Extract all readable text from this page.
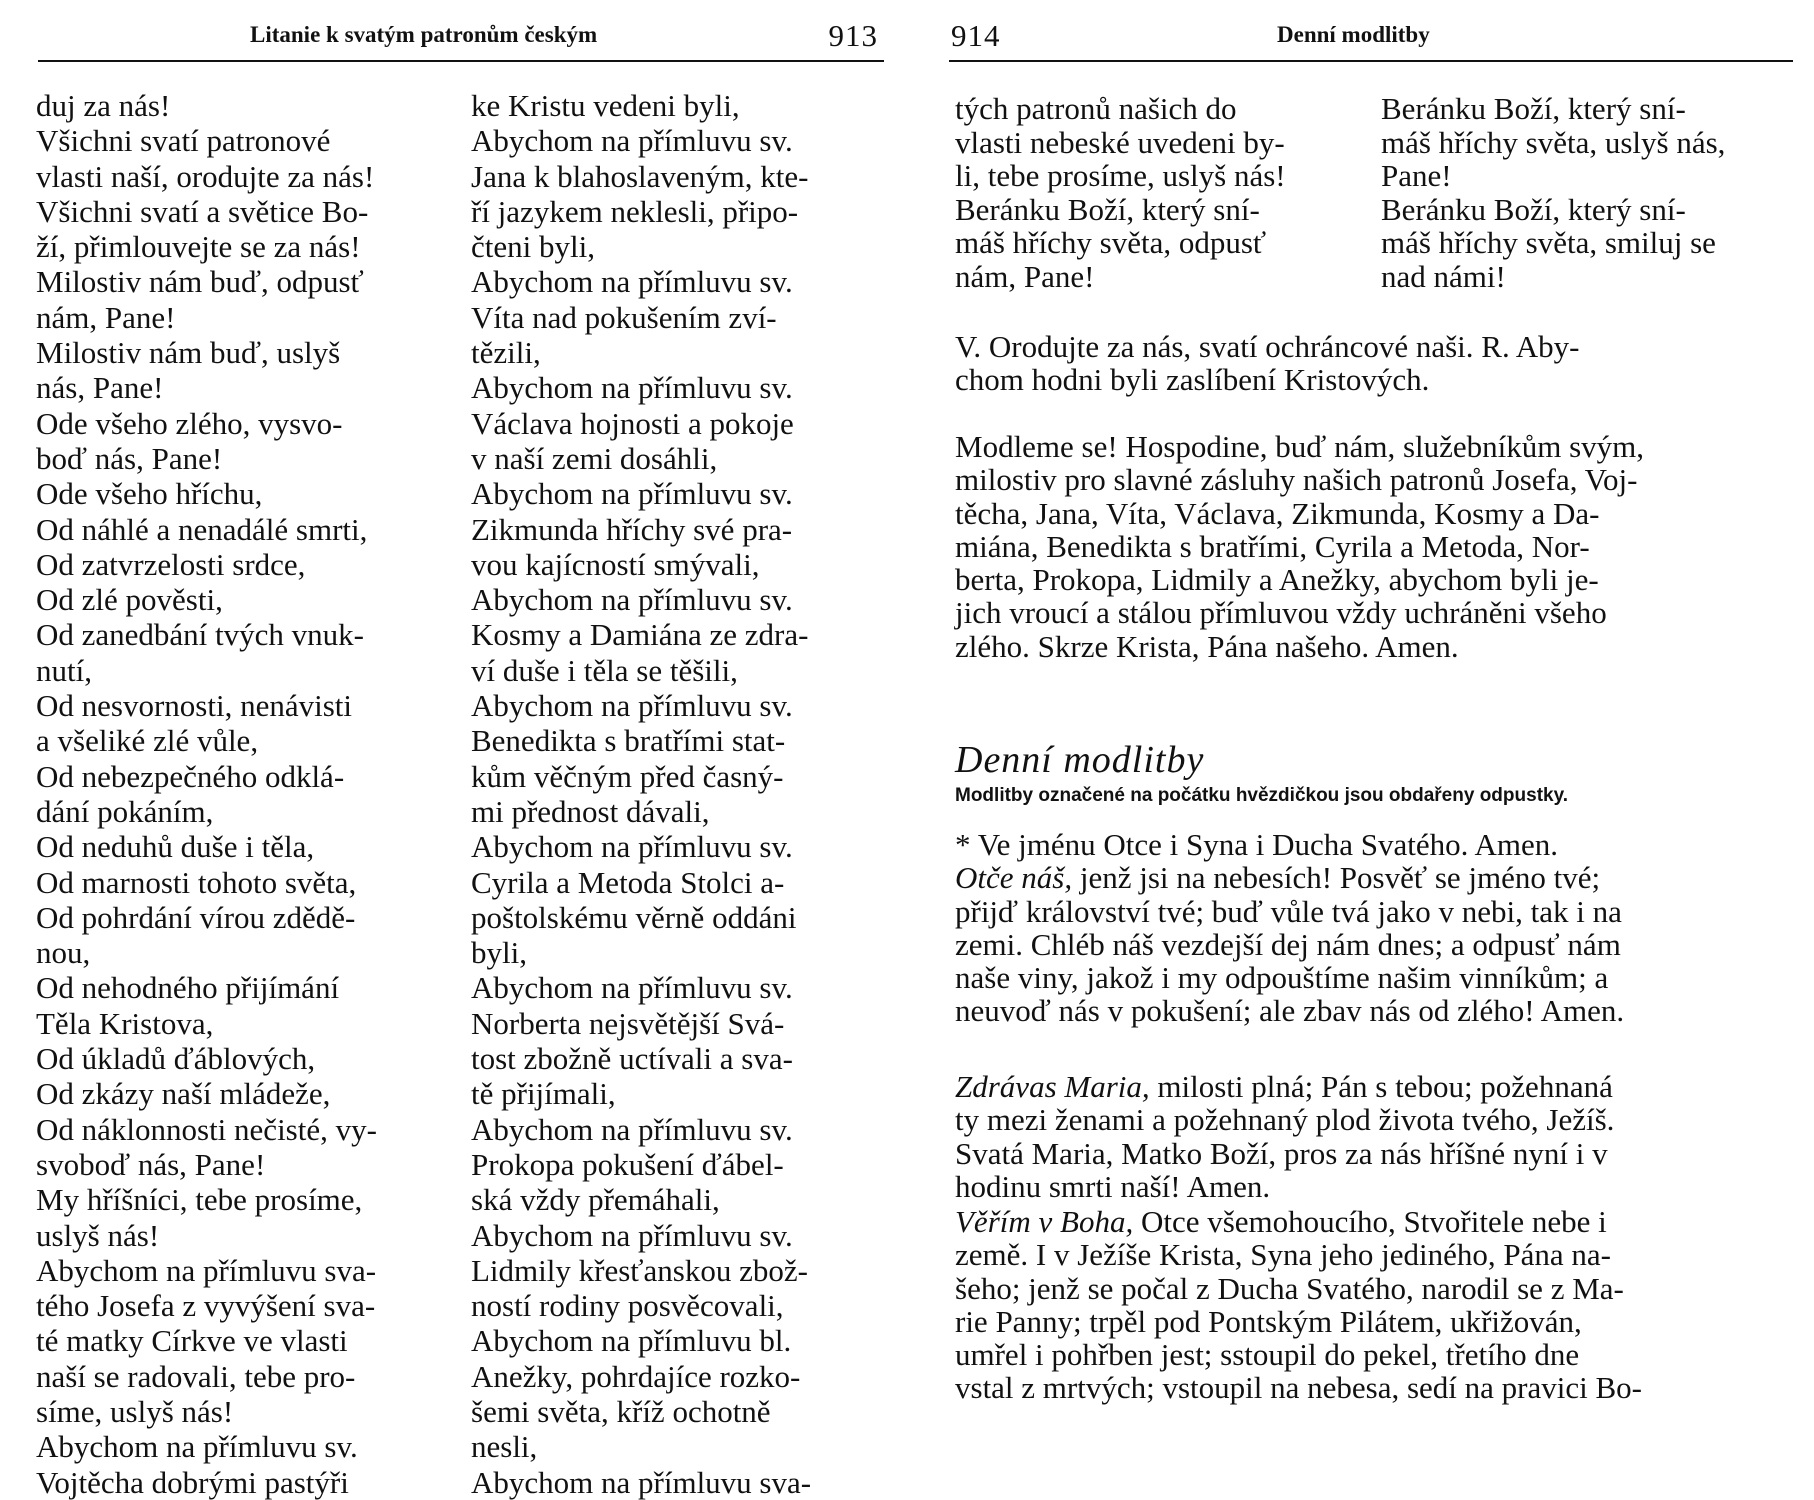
Litanie k svatým patronům českým	913
duj za nás!
Všichni svatí patronové
vlasti naší, orodujte za nás!
Všichni svatí a světice Bo-
ží, přimlouvejte se za nás!
Milostiv nám buď, odpusť
nám, Pane!
Milostiv nám buď, uslyš
nás, Pane!
Ode všeho zlého, vysvo-
boď nás, Pane!
Ode všeho hříchu,
Od náhlé a nenadálé smrti,
Od zatvrzelosti srdce,
Od zlé pověsti,
Od zanedbání tvých vnuk-
nutí,
Od nesvornosti, nenávisti
a všeliké zlé vůle,
Od nebezpečného odklá-
dání pokáním,
Od neduhů duše i těla,
Od marnosti tohoto světa,
Od pohrdání vírou zdědě-
nou,
Od nehodného přijímání
Těla Kristova,
Od úkladů ďáblových,
Od zkázy naší mládeže,
Od náklonnosti nečisté, vy-
svoboď nás, Pane!
My hříšníci, tebe prosíme,
uslyš nás!
Abychom na přímluvu sva-
tého Josefa z vyvýšení sva-
té matky Církve ve vlasti
naší se radovali, tebe pro-
síme, uslyš nás!
Abychom na přímluvu sv.
Vojtěcha dobrými pastýři
ke Kristu vedeni byli,
Abychom na přímluvu sv.
Jana k blahoslaveným, kte-
ří jazykem neklesli, připo-
čteni byli,
Abychom na přímluvu sv.
Víta nad pokušením zví-
tězili,
Abychom na přímluvu sv.
Václava hojnosti a pokoje
v naší zemi dosáhli,
Abychom na přímluvu sv.
Zikmunda hříchy své pra-
vou kajícností smývali,
Abychom na přímluvu sv.
Kosmy a Damiána ze zdra-
ví duše i těla se těšili,
Abychom na přímluvu sv.
Benedikta s bratřími stat-
kům věčným před časný-
mi přednost dávali,
Abychom na přímluvu sv.
Cyrila a Metoda Stolci a-
poštolskému věrně oddáni
byli,
Abychom na přímluvu sv.
Norberta nejsvětější Svá-
tost zbožně uctívali a sva-
tě přijímali,
Abychom na přímluvu sv.
Prokopa pokušení ďábel-
ská vždy přemáhali,
Abychom na přímluvu sv.
Lidmily křesťanskou zbož-
ností rodiny posvěcovali,
Abychom na přímluvu bl.
Anežky, pohrdajíce rozko-
šemi světa, kříž ochotně
nesli,
Abychom na přímluvu sva-
914	Denní modlitby
tých patronů našich do
vlasti nebeské uvedeni by-
li, tebe prosíme, uslyš nás!
Beránku Boží, který sní-
máš hříchy světa, odpusť
nám, Pane!
Beránku Boží, který sní-
máš hříchy světa, uslyš nás,
Pane!
Beránku Boží, který sní-
máš hříchy světa, smiluj se
nad námi!
V. Orodujte za nás, svatí ochráncové naši. R. Aby-
chom hodni byli zaslíbení Kristových.
Modleme se! Hospodine, buď nám, služebníkům svým,
milostiv pro slavné zásluhy našich patronů Josefa, Voj-
těcha, Jana, Víta, Václava, Zikmunda, Kosmy a Da-
miána, Benedikta s bratřími, Cyrila a Metoda, Nor-
berta, Prokopa, Lidmily a Anežky, abychom byli je-
jich vroucí a stálou přímluvou vždy uchráněni všeho
zlého. Skrze Krista, Pána našeho. Amen.
Denní modlitby
Modlitby označené na počátku hvězdičkou jsou obdařeny odpustky.
* Ve jménu Otce i Syna i Ducha Svatého. Amen.
Otče náš, jenž jsi na nebesích! Posvěť se jméno tvé;
přijď království tvé; buď vůle tvá jako v nebi, tak i na
zemi. Chléb náš vezdejší dej nám dnes; a odpusť nám
naše viny, jakož i my odpouštíme našim vinníkům; a
neuvoď nás v pokušení; ale zbav nás od zlého! Amen.
Zdrávas Maria, milosti plná; Pán s tebou; požehnaná
ty mezi ženami a požehnaný plod života tvého, Ježíš.
Svatá Maria, Matko Boží, pros za nás hříšné nyní i v
hodinu smrti naší! Amen.
Věřím v Boha, Otce všemohoucího, Stvořitele nebe i
země. I v Ježíše Krista, Syna jeho jediného, Pána na-
šeho; jenž se počal z Ducha Svatého, narodil se z Ma-
rie Panny; trpěl pod Pontským Pilátem, ukřižován,
umřel i pohřben jest; sstoupil do pekel, třetího dne
vstal z mrtvých; vstoupil na nebesa, sedí na pravici Bo-
